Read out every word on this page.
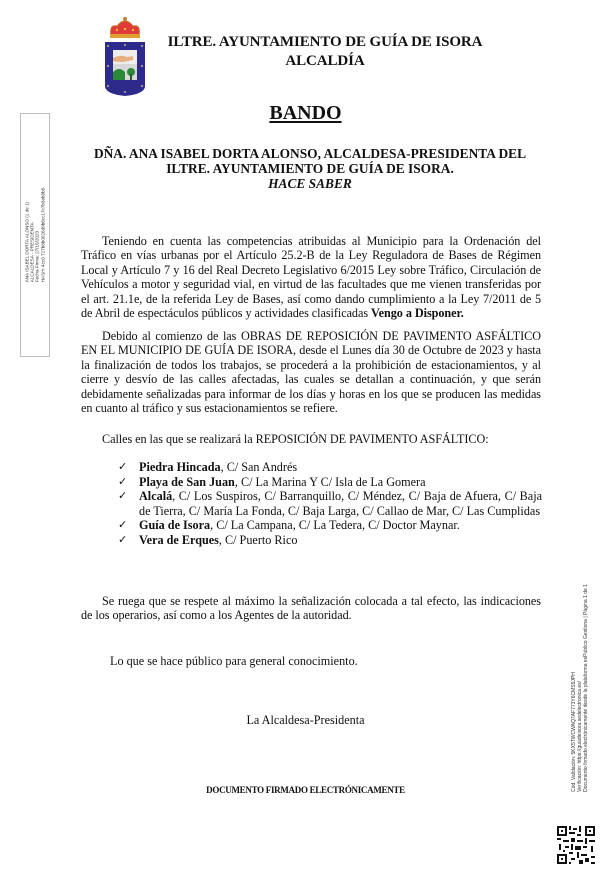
ILTRE. AYUNTAMIENTO DE GUÍA DE ISORA
ALCALDÍA
ANA ISABEL DORTA ALONSO (1 de 1) ALCALDESA - PRESIDENTA Fecha Firma: 27/10/2023 HASH: 4cc0 727b8b0026d9b6cc17c7b3eb0b5
BANDO
DÑA. ANA ISABEL DORTA ALONSO, ALCALDESA-PRESIDENTA DEL
ILTRE. AYUNTAMIENTO DE GUÍA DE ISORA.
HACE SABER
Teniendo en cuenta las competencias atribuidas al Municipio para la Ordenación del Tráfico en vías urbanas por el Artículo 25.2-B de la Ley Reguladora de Bases de Régimen Local y Artículo 7 y 16 del Real Decreto Legislativo 6/2015 Ley sobre Tráfico, Circulación de Vehículos a motor y seguridad vial, en virtud de las facultades que me vienen transferidas por el art. 21.1e, de la referida Ley de Bases, así como dando cumplimiento a la Ley 7/2011 de 5 de Abril de espectáculos públicos y actividades clasificadas Vengo a Disponer.
Debido al comienzo de las OBRAS DE REPOSICIÓN DE PAVIMENTO ASFÁLTICO EN EL MUNICIPIO DE GUÍA DE ISORA, desde el Lunes día 30 de Octubre de 2023 y hasta la finalización de todos los trabajos, se procederá a la prohibición de estacionamientos, y al cierre y desvío de las calles afectadas, las cuales se detallan a continuación, y que serán debidamente señalizadas para informar de los días y horas en los que se producen las medidas en cuanto al tráfico y sus estacionamientos se refiere.
Calles en las que se realizará la REPOSICIÓN DE PAVIMENTO ASFÁLTICO:
✓ Piedra Hincada, C/ San Andrés
✓ Playa de San Juan, C/ La Marina Y C/ Isla de La Gomera
✓ Alcalá, C/ Los Suspiros, C/ Barranquillo, C/ Méndez, C/ Baja de Afuera, C/ Baja de Tierra, C/ María La Fonda, C/ Baja Larga, C/ Callao de Mar, C/ Las Cumplidas
✓ Guía de Isora, C/ La Campana, C/ La Tedera, C/ Doctor Maynar.
✓ Vera de Erques, C/ Puerto Rico
Se ruega que se respete al máximo la señalización colocada a tal efecto, las indicaciones de los operarios, así como a los Agentes de la autoridad.
Lo que se hace público para general conocimiento.
La Alcaldesa-Presidenta
DOCUMENTO FIRMADO ELECTRÓNICAMENTE	Cód. Validación: 5KX5TWCWAQ7AF773Y6CMS5JPH Verificación: https://guiadeisora.sedelectronica.es/ Documento firmado electrónicamente desde la plataforma esPublico Gestiona | Página 1 de 1
